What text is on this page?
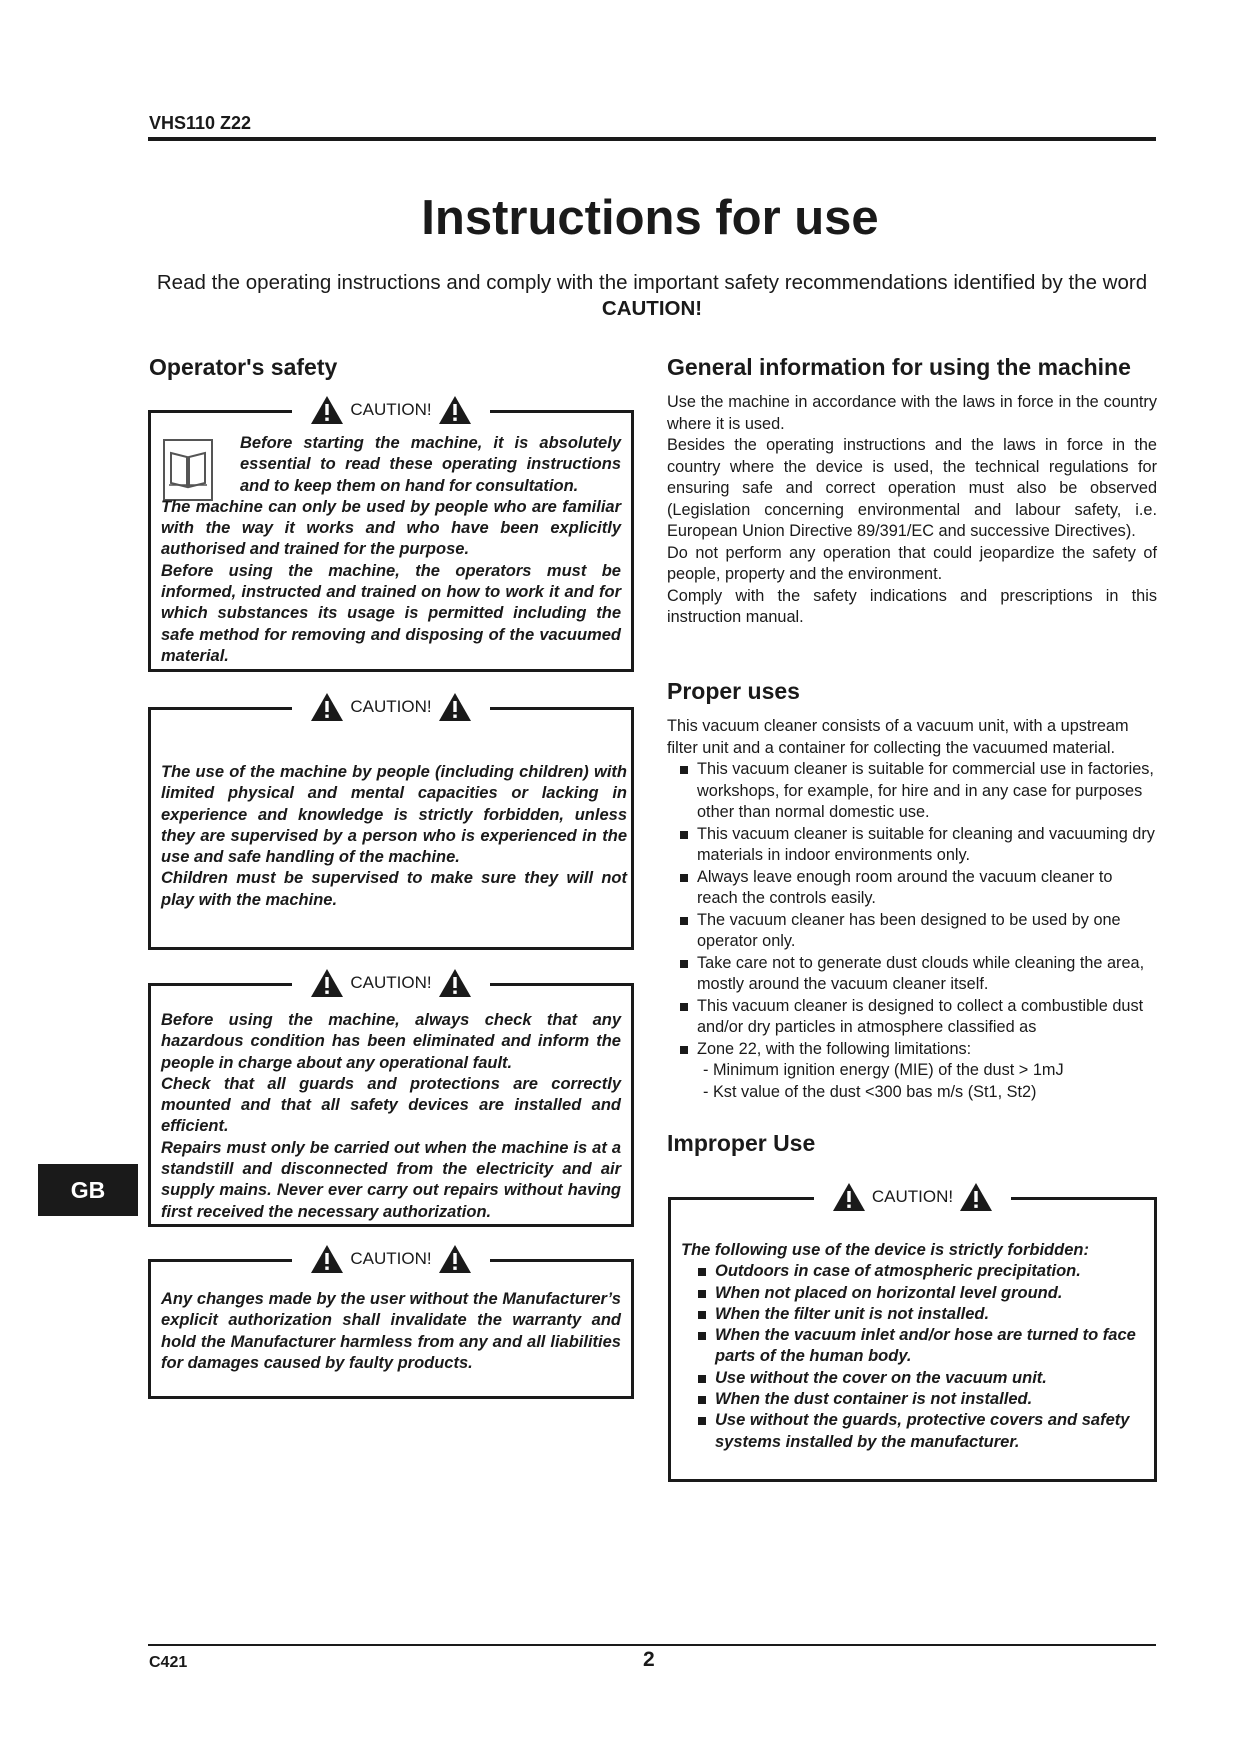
VHS110 Z22
Instructions for use
Read the operating instructions and comply with the important safety recommendations identified by the word CAUTION!
Operator's safety
CAUTION!

Before starting the machine, it is absolutely essential to read these operating instructions and to keep them on hand for consultation.

The machine can only be used by people who are familiar with the way it works and who have been explicitly authorised and trained for the purpose.

Before using the machine, the operators must be informed, instructed and trained on how to work it and for which substances its usage is permitted including the safe method for removing and disposing of the vacuumed material.

CAUTION!

The use of the machine by people (including children) with limited physical and mental capacities or lacking in experience and knowledge is strictly forbidden, unless they are supervised by a person who is experienced in the use and safe handling of the machine.

Children must be supervised to make sure they will not play with the machine.

CAUTION!

Before using the machine, always check that any hazardous condition has been eliminated and inform the people in charge about any operational fault.

Check that all guards and protections are correctly mounted and that all safety devices are installed and efficient.

Repairs must only be carried out when the machine is at a standstill and disconnected from the electricity and air supply mains. Never ever carry out repairs without having first received the necessary authorization.

CAUTION!

Any changes made by the user without the Manufacturer’s explicit authorization shall invalidate the warranty and hold the Manufacturer harmless from any and all liabilities for damages caused by faulty products.

GB
General information for using the machine

Use the machine in accordance with the laws in force in the country where it is used.

Besides the operating instructions and the laws in force in the country where the device is used, the technical regulations for ensuring safe and correct operation must also be observed (Legislation concerning environmental and labour safety, i.e. European Union Directive 89/391/EC and successive Directives).

Do not perform any operation that could jeopardize the safety of people, property and the environment.

Comply with the safety indications and prescriptions in this instruction manual.

Proper uses

This vacuum cleaner consists of a vacuum unit, with a upstream filter unit and a container for collecting the vacuumed material.

This vacuum cleaner is suitable for commercial use in factories, workshops, for example, for hire and in any case for purposes other than normal domestic use.
This vacuum cleaner is suitable for cleaning and vacuuming dry materials in indoor environments only.
Always leave enough room around the vacuum cleaner to reach the controls easily.
The vacuum cleaner has been designed to be used by one operator only.
Take care not to generate dust clouds while cleaning the area, mostly around the vacuum cleaner itself.
This vacuum cleaner is designed to collect a combustible dust and/or dry particles in atmosphere classified as
Zone 22, with the following limitations:

- Minimum ignition energy (MIE) of the dust > 1mJ

- Kst value of the dust <300 bas m/s (St1, St2)

Improper Use
CAUTION!

The following use of the device is strictly forbidden:

Outdoors in case of atmospheric precipitation.
When not placed on horizontal level ground.
When the filter unit is not installed.
When the vacuum inlet and/or hose are turned to face parts of the human body.
Use without the cover on the vacuum unit.
When the dust container is not installed.
Use without the guards, protective covers and safety systems installed by the manufacturer.
C421	2
